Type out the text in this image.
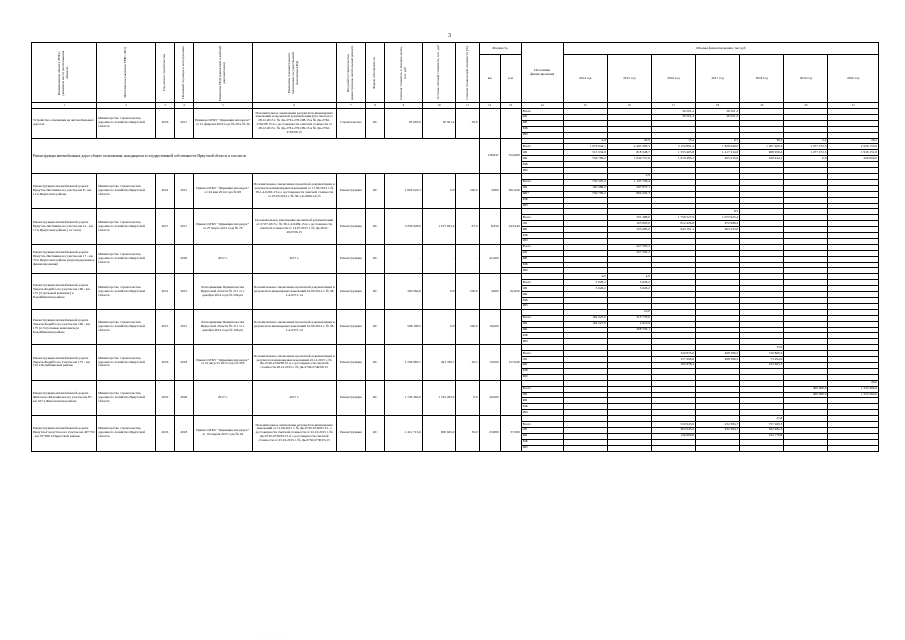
3
Наименование объекта ТНР (с указанием места расположения объекта)	Исполнитель (заказчик ГРБС, МО)	Год начала строительства	Плановый год ввода в эксплуатацию	Реквизиты ПСД (проектной и рабочей документации)	Реквизиты положительного заключения государственной экспертизы ПСД	Вид работ (строительство, реконструкция, капитальный ремонт)	Форма собственности	Сметная стоимость в текущих ценах, тыс. руб	Остаток сметной стоимости, тыс. руб	Степень технической готовности (%)	Мощность		Источники финансирования	Объемы финансирования, тыс.руб						
											км	п.м		2014 год	2015 год	2016 год	2017 год	2018 год	2019 год	2020 год
1	2	3	4	5	6	7	8	9	10	11	12	13	14	15	16	17	18	19	20	21
Устройство освещения на автомобильных дорогах	Министерство строительства, дорожного хозяйства Иркутской области	2016	2017	Приказы ОГКУ "Дирекция автодорог" от 21 февраля 2016 года № 29 и № 30	Положительное заключение результатов инженерных изысканий и проектной документации (без сметы) от 28.12.2015 г. № Дк-2761-2761/08.15 и № Дк-2762-2762/08.15 и о достоверности сметной стоимости от 28.12.2015 г. № Дк-2761-2761/09.15 и № Дк-2762-2762/09.15	Строительство	ОС	93 063,0	36 501,2	39,9			Всего			36 501,2	36 501,2			
													ОБ			36 501,2	36 501,2			
													ФБ							
													МБ							
													ИИ							
Реконструкция автомобильных дорог общего пользования, находящихся в государственной собственности Иркутской области, в том числе											158,847	552,668		4,9	20,0	13,4	6,7	30,3	2,4	29,5
													Всего	1 070 044,1	2 463 385,3	3 152 891,4	1 828 449,0	1 407 400,5	1 477 272,3	2 226 153,0
													ОБ	513 334,9	818 528,7	1 533 405,8	1 417 214,0	968 956,4	1 477 272,3	1 936 151,0
													ФБ	556 709,2	1 644 757,6	1 619 485,2	403 235,0	438 444,1	0,0	290 000,0
													МБ							
													ИИ							
Реконструкция автомобильной дороги Иркутск-Листвянка на участке км 8 - км 12 в Иркутском районе	Министерство строительства, дорожного хозяйства Иркутской области	2014	2015	Приказ ОГКУ "Дирекция автодорог" от 24 мая 2014 года № 98	Положительное заключение проектной документации и результатов инженерных изысканий от 17.06.2014 г. № 38-1-4-0292-13 и о достоверности сметной стоимости от 23.05.2014 г. № 38-1-6-0299-14/13	Реконструкция	ОС	1 603 023,3	0,0	100,0	3,900	291,040			3,9					
													Всего	752 297,2	1 107 130,4					
													ОБ	195 588,0	297 837,1					
													ФБ*	556 709,2	809 293,3					
													МБ							
													ИИ							
Реконструкция автомобильной дороги Иркутск-Листвянка на участке км 12 - км 17 в Иркутском районе (1,2 этап)	Министерство строительства, дорожного хозяйства Иркутской области	2015	2017	Приказ ОГКУ "Дирекция автодорог" от 27 марта 2015 года № 79	Положительное заключение проектной документации от 27.07.2015 г. № 38-1-4-0409-15 и о достоверности сметной стоимости от 14.07.2015 г. № Дк-2047-2047/06.15	Реконструкция	ОС	3 259 028,0	1 073 925,4	67,9	8,450	243,240					8,5			
													Всего		501 488,0	1 756 527,9	1 073 925,4			
													ОБ		165 803,0	812 426,8	672 688,4			
													ФБ		335 685,0	944 101,1	403 235,0			
													МБ							
													ИИ							
Реконструкция автомобильной дороги Иркутск-Листвянка на участке км 17 - км 70 в Иркутском районе (нераспределенное финансирование)	Министерство строительства, дорожного хозяйства Иркутской области		2020	2017 г.	2017 г.	Реконструкция	ОС	-	-	-	41,000		Всего		227 505,2					
													ОБ		227 505,2					
													ФБ							
													МБ							
													ИИ							
Реконструкция автомобильной дороги Тыреть-Бодайбо на участке км 160 - км 175 (5 пусковой комплекс) в Бодайбинском районе	Министерство строительства, дорожного хозяйства Иркутской области	2012	2015	Распоряжение Правительства Иркутской области № 211 от 1 декабря 2014 года № 326-рп	Положительное заключение проектной документации и результатов инженерных изысканий 01.09.2014 г. № 38-1-4-0371-14	Реконструкция	ОС	300 264,6	0,0	100,0	4,900	62,650		4,0	4,9					
													Всего	5 626,2	5 626,2					
													ОБ	5 626,2	5 626,2					
													ФБ							
													МБ							
													ИИ							
Реконструкция автомобильной дороги Тыреть-Бодайбо на участке км 160 - км 175 (2-3 пусковые комплексы) в Бодайбинском районе	Министерство строительства, дорожного хозяйства Иркутской области	2013	2015	Распоряжение Правительства Иркутской области № 211 от 1 декабря 2014 года № 326-рп	Положительное заключение проектной документации и результатов инженерных изысканий 01.09.2014 г. № 38-1-4-0373-14	Реконструкция	ОС	598 196,5	0,0	100,0	10,000				10,0					
													Всего	194 227,0	313 770,0					
													ОБ	194 227,0	4 916,9					
													ФБ		308 793,1					
													МБ							
													ИИ							
Реконструкция автомобильной дороги Тыреть-Бодайбо на участке км 175 - км 191 в Бодайбинском районе	Министерство строительства, дорожного хозяйства Иркутской области	2016	2018	Приказ ОГКУ "Дирекция автодорог" от 19 августа 2015 года № 205	Положительное заключение проектной документации и результатов инженерных изысканий 22.12.2015 г. № Дк-2746-2746/08.15 и о достоверности сметной стоимости 28.12.2015 г. № Дк-2746-2746/09.15	Реконструкция	ОС	1 256 683,7	401 796,7	30,5	15,000	157,040						15,0		
													Всего			340 835,0	468 586,5	316 860,2		
													ОБ			157 996,6	468 586,5	73 294,9		
													ФБ			182 838,4		243 665,3		
													МБ							
													ИИ							
Реконструкция автомобильной дороги Жигалово-Казачинское на участке км 87 - км 107 в Жигаловском районе	Министерство строительства, дорожного хозяйства Иркутской области	2019	2020	2017 г.	2017 г.	Реконструкция	ОС	1 743 262,0	1 743 262,0	0,0	20,000									20,0
													Всего						400 000,0	1 343 262,0
													ОБ						400 000,0	1 343 262,0
													ФБ							
													МБ							
													ИИ							
Реконструкция автомобильной дороги Иркутск-Голоустное на участке км 49+750 - км 70+000 в Иркутском районе	Министерство строительства, дорожного хозяйства Иркутской области	2016	2018	Приказ ОГКУ "Дирекция автодорог" от 10 апреля 2015 года № 94	Положительное заключение результатов инженерных изысканий от 11.06.2015 г. № Дк-0730-0730/05.15, о достоверности сметной стоимости от 22.10.2015 г. № Дк-0730-0730/03.15 и о достоверности сметной стоимости от 23.10.2015 г. № Дк-0730-0730/03.15	Реконструкция	ОС	1 412 713,6	990 045,0	30,0	23,800	37,300						23,8		
													Всего			510 943,0	232 384,7	757 260,3		
													ОБ			363 043,0	232 384,7	562 482,5		
													ФБ			146 900,0		194 778,8		
													МБ							
													ИИ							
· · · ·
